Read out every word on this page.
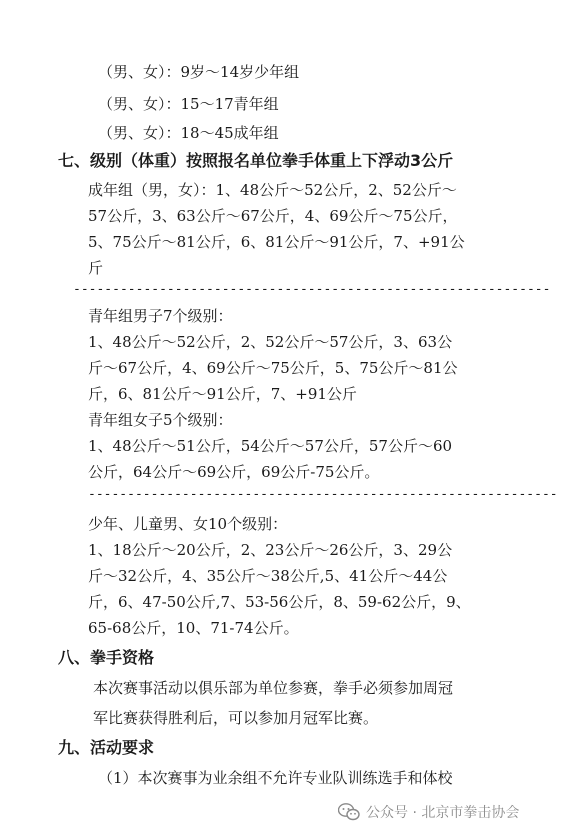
（男、女）：9岁～14岁少年组
（男、女）：15～17青年组
（男、女）：18～45成年组
七、级别（体重）按照报名单位拳手体重上下浮动3公斤
成年组（男，女）：1、48公斤～52公斤，2、52公斤～
57公斤，3、63公斤～67公斤，4、69公斤～75公斤，
5、75公斤～81公斤，6、81公斤～91公斤，7、+91公
斤
-------------------------------------------------------------
青年组男子7个级别：
1、48公斤～52公斤，2、52公斤～57公斤，3、63公
斤～67公斤，4、69公斤～75公斤，5、75公斤～81公
斤，6、81公斤～91公斤，7、+91公斤
青年组女子5个级别：
1、48公斤～51公斤，54公斤～57公斤，57公斤～60
公斤，64公斤～69公斤，69公斤-75公斤。
------------------------------------------------------------
少年、儿童男、女10个级别：
1、18公斤～20公斤，2、23公斤～26公斤，3、29公
斤～32公斤，4、35公斤～38公斤,5、41公斤～44公
斤，6、47-50公斤,7、53-56公斤，8、59-62公斤，9、
65-68公斤，10、71-74公斤。
八、拳手资格
本次赛事活动以俱乐部为单位参赛，拳手必须参加周冠
军比赛获得胜利后，可以参加月冠军比赛。
九、活动要求
（1）本次赛事为业余组不允许专业队训练选手和体校
公众号 · 北京市拳击协会
